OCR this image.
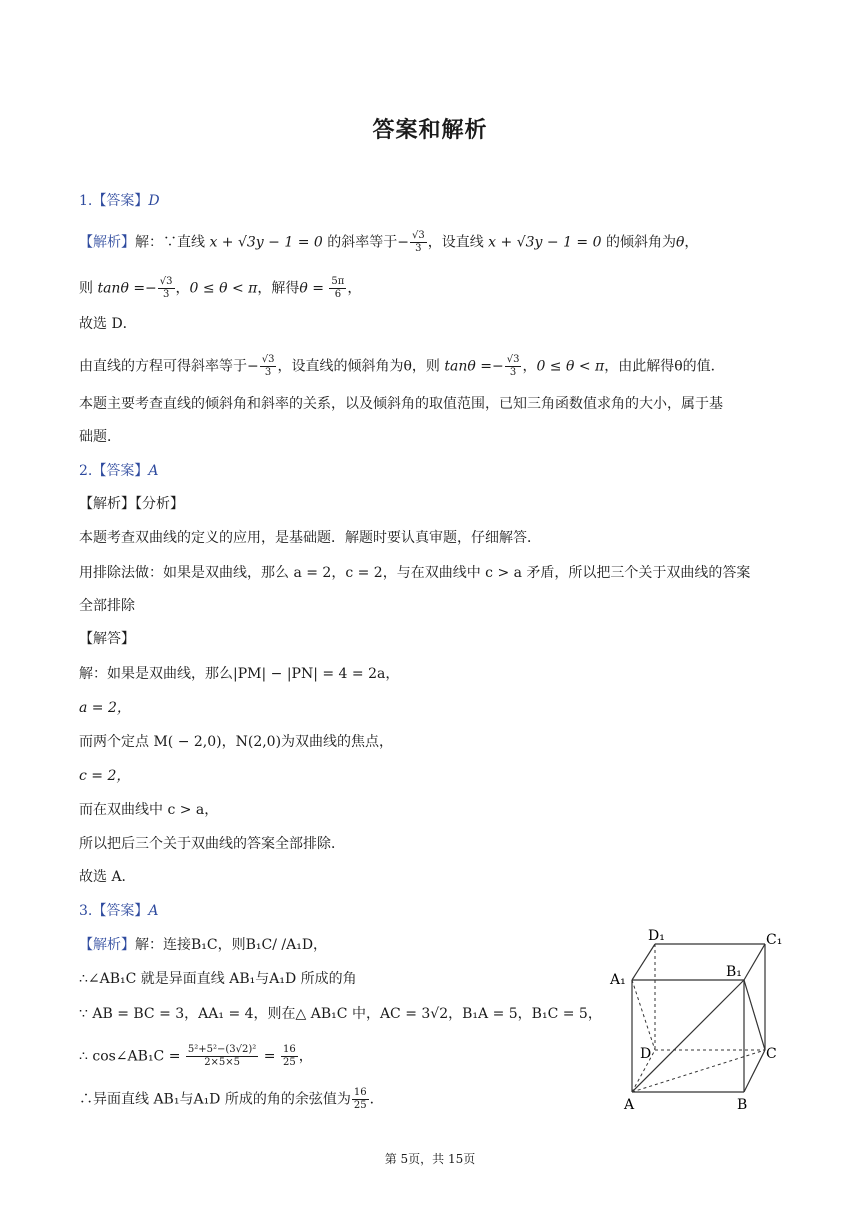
答案和解析
1.【答案】D
【解析】解：∵直线 x + √3y − 1 = 0 的斜率等于− $\frac{√3}{3}$ ，设直线 x + √3y − 1 = 0 的倾斜角为θ，
则 $\tan\theta =- \frac{√3}{3}$ ，0 ≤ θ < π，解得$\theta = \frac{5\pi}{6}$ ，
故选 D．
由直线的方程可得斜率等于− $\frac{√3}{3}$ ，设直线的倾斜角为θ，则 $\tan\theta =- \frac{√3}{3}$ ，0 ≤ θ < π，由此解得θ的值．
本题主要考查直线的倾斜角和斜率的关系，以及倾斜角的取值范围，已知三角函数值求角的大小，属于基
础题．
2.【答案】A
【解析】【分析】
本题考查双曲线的定义的应用，是基础题．解题时要认真审题，仔细解答．
用排除法做：如果是双曲线，那么 a = 2，c = 2，与在双曲线中 c > a 矛盾，所以把三个关于双曲线的答案
全部排除
【解答】
解：如果是双曲线，那么|PM| − |PN| = 4 = 2a，
a = 2，
而两个定点 M( − 2,0)，N(2,0)为双曲线的焦点，
c = 2，
而在双曲线中 c > a，
所以把后三个关于双曲线的答案全部排除．
故选 A．
3.【答案】A
【解析】解：连接B₁C，则B₁C/ /A₁D，
∴∠AB₁C 就是异面直线 AB₁与A₁D 所成的角
∵ AB = BC = 3，AA₁ = 4，则在△ AB₁C 中，AC = 3√2，B₁A = 5，B₁C = 5，
∴ cos∠AB₁C = $\frac{\text{5²+5²−(3√2)²}}{2\times 5\times 5} = \frac{16}{25}$ ，
∴异面直线 AB₁与A₁D 所成的角的余弦值为 $\frac{16}{25}$ ．
D₁	C₁
A₁	B₁
D	C
A	B
第 5页，共 15页
